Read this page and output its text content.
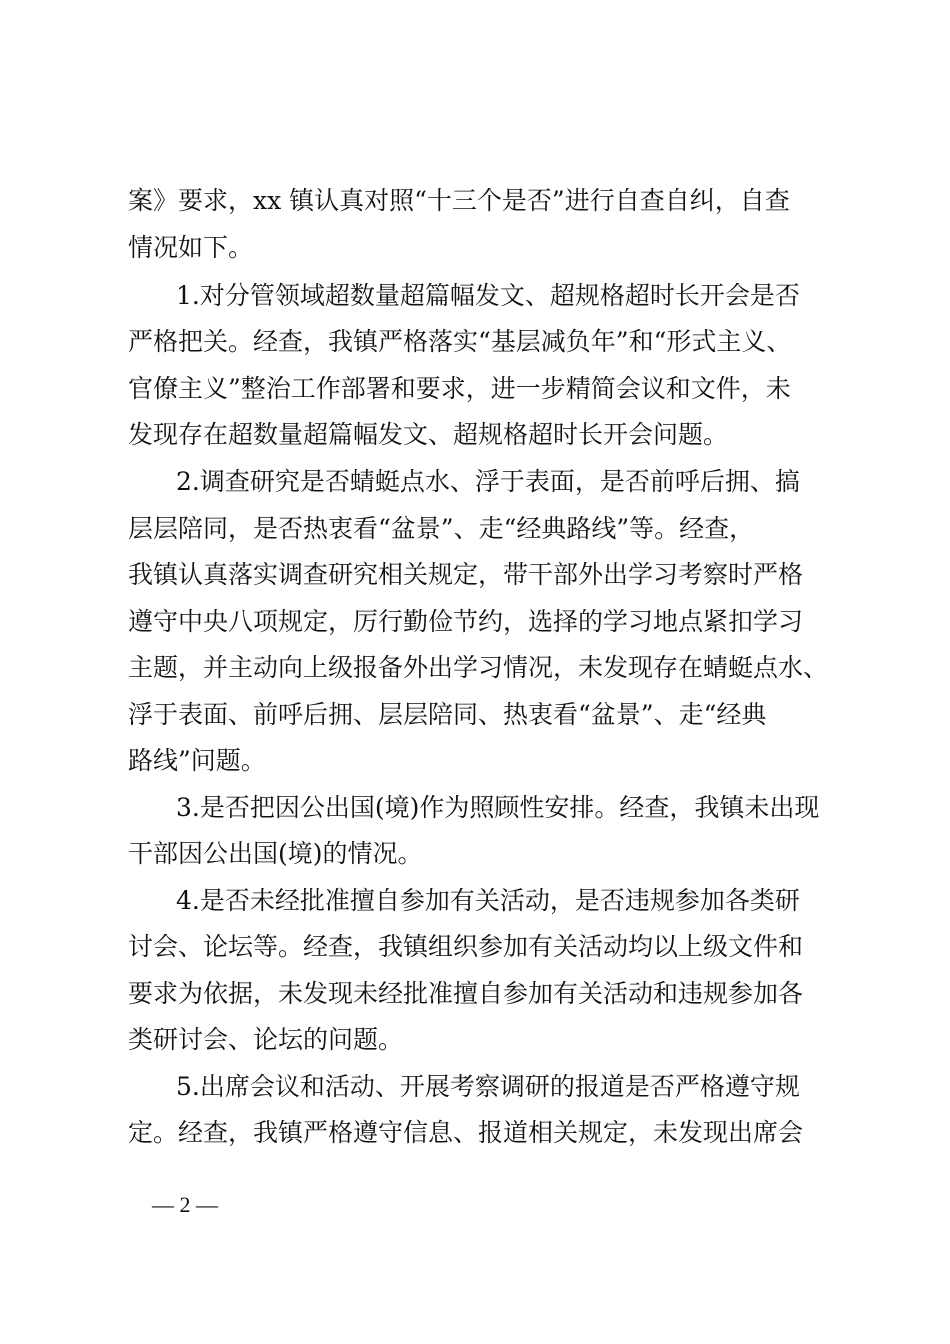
案》要求，xx 镇认真对照“十三个是否”进行自查自纠，自查
情况如下。
1.对分管领域超数量超篇幅发文、超规格超时长开会是否
严格把关。经查，我镇严格落实“基层减负年”和“形式主义、
官僚主义”整治工作部署和要求，进一步精简会议和文件，未
发现存在超数量超篇幅发文、超规格超时长开会问题。
2.调查研究是否蜻蜓点水、浮于表面，是否前呼后拥、搞
层层陪同，是否热衷看“盆景”、走“经典路线”等。经查，
我镇认真落实调查研究相关规定，带干部外出学习考察时严格
遵守中央八项规定，厉行勤俭节约，选择的学习地点紧扣学习
主题，并主动向上级报备外出学习情况，未发现存在蜻蜓点水、
浮于表面、前呼后拥、层层陪同、热衷看“盆景”、走“经典
路线”问题。
3.是否把因公出国(境)作为照顾性安排。经查，我镇未出现
干部因公出国(境)的情况。
4.是否未经批准擅自参加有关活动，是否违规参加各类研
讨会、论坛等。经查，我镇组织参加有关活动均以上级文件和
要求为依据，未发现未经批准擅自参加有关活动和违规参加各
类研讨会、论坛的问题。
5.出席会议和活动、开展考察调研的报道是否严格遵守规
定。经查，我镇严格遵守信息、报道相关规定，未发现出席会
— 2 —
